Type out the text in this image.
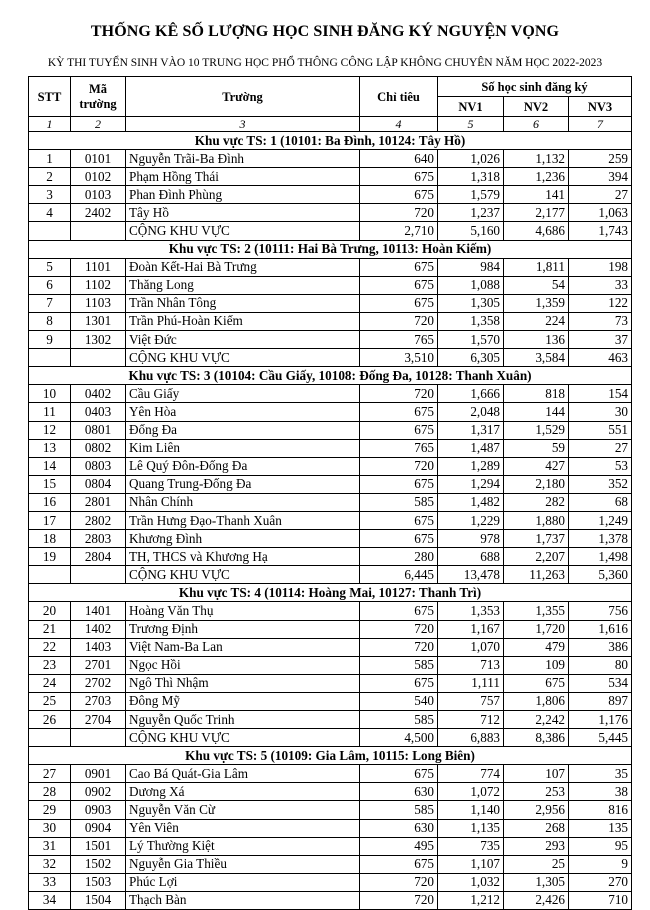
THỐNG KÊ SỐ LƯỢNG HỌC SINH ĐĂNG KÝ NGUYỆN VỌNG
KỲ THI TUYỂN SINH VÀO 10 TRUNG HỌC PHỔ THÔNG CÔNG LẬP KHÔNG CHUYÊN NĂM HỌC 2022-2023
STT	Mã trường	Trường	Chỉ tiêu	Số học sinh đăng ký		
				NV1	NV2	NV3
1	2	3	4	5	6	7
Khu vực TS: 1 (10101: Ba Đình, 10124: Tây Hồ)						
1	0101	Nguyễn Trãi-Ba Đình	640	1,026	1,132	259
2	0102	Phạm Hồng Thái	675	1,318	1,236	394
3	0103	Phan Đình Phùng	675	1,579	141	27
4	2402	Tây Hồ	720	1,237	2,177	1,063
		CỘNG KHU VỰC	2,710	5,160	4,686	1,743
Khu vực TS: 2 (10111: Hai Bà Trưng, 10113: Hoàn Kiếm)						
5	1101	Đoàn Kết-Hai Bà Trưng	675	984	1,811	198
6	1102	Thăng Long	675	1,088	54	33
7	1103	Trần Nhân Tông	675	1,305	1,359	122
8	1301	Trần Phú-Hoàn Kiếm	720	1,358	224	73
9	1302	Việt Đức	765	1,570	136	37
		CỘNG KHU VỰC	3,510	6,305	3,584	463
Khu vực TS: 3 (10104: Cầu Giấy, 10108: Đống Đa, 10128: Thanh Xuân)						
10	0402	Cầu Giấy	720	1,666	818	154
11	0403	Yên Hòa	675	2,048	144	30
12	0801	Đống Đa	675	1,317	1,529	551
13	0802	Kim Liên	765	1,487	59	27
14	0803	Lê Quý Đôn-Đống Đa	720	1,289	427	53
15	0804	Quang Trung-Đống Đa	675	1,294	2,180	352
16	2801	Nhân Chính	585	1,482	282	68
17	2802	Trần Hưng Đạo-Thanh Xuân	675	1,229	1,880	1,249
18	2803	Khương Đình	675	978	1,737	1,378
19	2804	TH, THCS và Khương Hạ	280	688	2,207	1,498
		CỘNG KHU VỰC	6,445	13,478	11,263	5,360
Khu vực TS: 4 (10114: Hoàng Mai, 10127: Thanh Trì)						
20	1401	Hoàng Văn Thụ	675	1,353	1,355	756
21	1402	Trương Định	720	1,167	1,720	1,616
22	1403	Việt Nam-Ba Lan	720	1,070	479	386
23	2701	Ngọc Hồi	585	713	109	80
24	2702	Ngô Thì Nhậm	675	1,111	675	534
25	2703	Đông Mỹ	540	757	1,806	897
26	2704	Nguyễn Quốc Trinh	585	712	2,242	1,176
		CỘNG KHU VỰC	4,500	6,883	8,386	5,445
Khu vực TS: 5 (10109: Gia Lâm, 10115: Long Biên)						
27	0901	Cao Bá Quát-Gia Lâm	675	774	107	35
28	0902	Dương Xá	630	1,072	253	38
29	0903	Nguyễn Văn Cừ	585	1,140	2,956	816
30	0904	Yên Viên	630	1,135	268	135
31	1501	Lý Thường Kiệt	495	735	293	95
32	1502	Nguyễn Gia Thiều	675	1,107	25	9
33	1503	Phúc Lợi	720	1,032	1,305	270
34	1504	Thạch Bàn	720	1,212	2,426	710
